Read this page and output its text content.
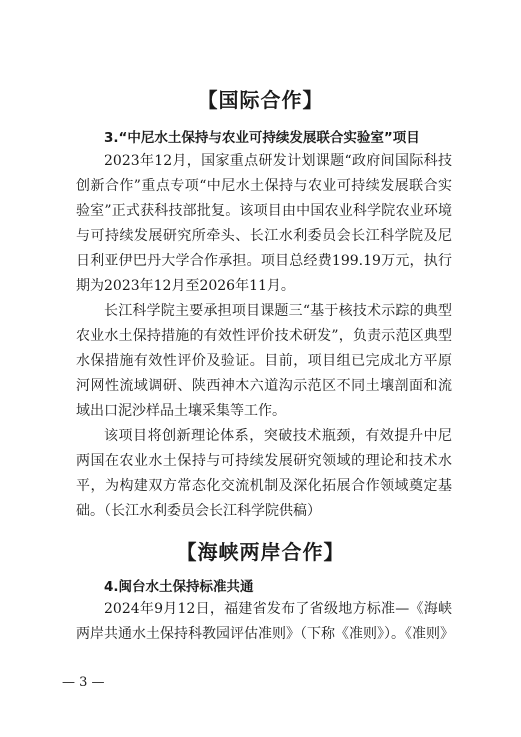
【国际合作】
3.“中尼水土保持与农业可持续发展联合实验室”项目

2023年12月，国家重点研发计划课题“政府间国际科技创新合作”重点专项“中尼水土保持与农业可持续发展联合实验室”正式获科技部批复。该项目由中国农业科学院农业环境与可持续发展研究所牵头、长江水利委员会长江科学院及尼日利亚伊巴丹大学合作承担。项目总经费199.19万元，执行期为2023年12月至2026年11月。

长江科学院主要承担项目课题三“基于核技术示踪的典型农业水土保持措施的有效性评价技术研发”，负责示范区典型水保措施有效性评价及验证。目前，项目组已完成北方平原河网性流域调研、陕西神木六道沟示范区不同土壤剖面和流域出口泥沙样品土壤采集等工作。

该项目将创新理论体系，突破技术瓶颈，有效提升中尼两国在农业水土保持与可持续发展研究领域的理论和技术水平，为构建双方常态化交流机制及深化拓展合作领域奠定基础。（长江水利委员会长江科学院供稿）

【海峡两岸合作】
4.闽台水土保持标准共通

2024年9月12日，福建省发布了省级地方标准—《海峡两岸共通水土保持科教园评估准则》（下称《准则》）。《准则》

— 3 —
